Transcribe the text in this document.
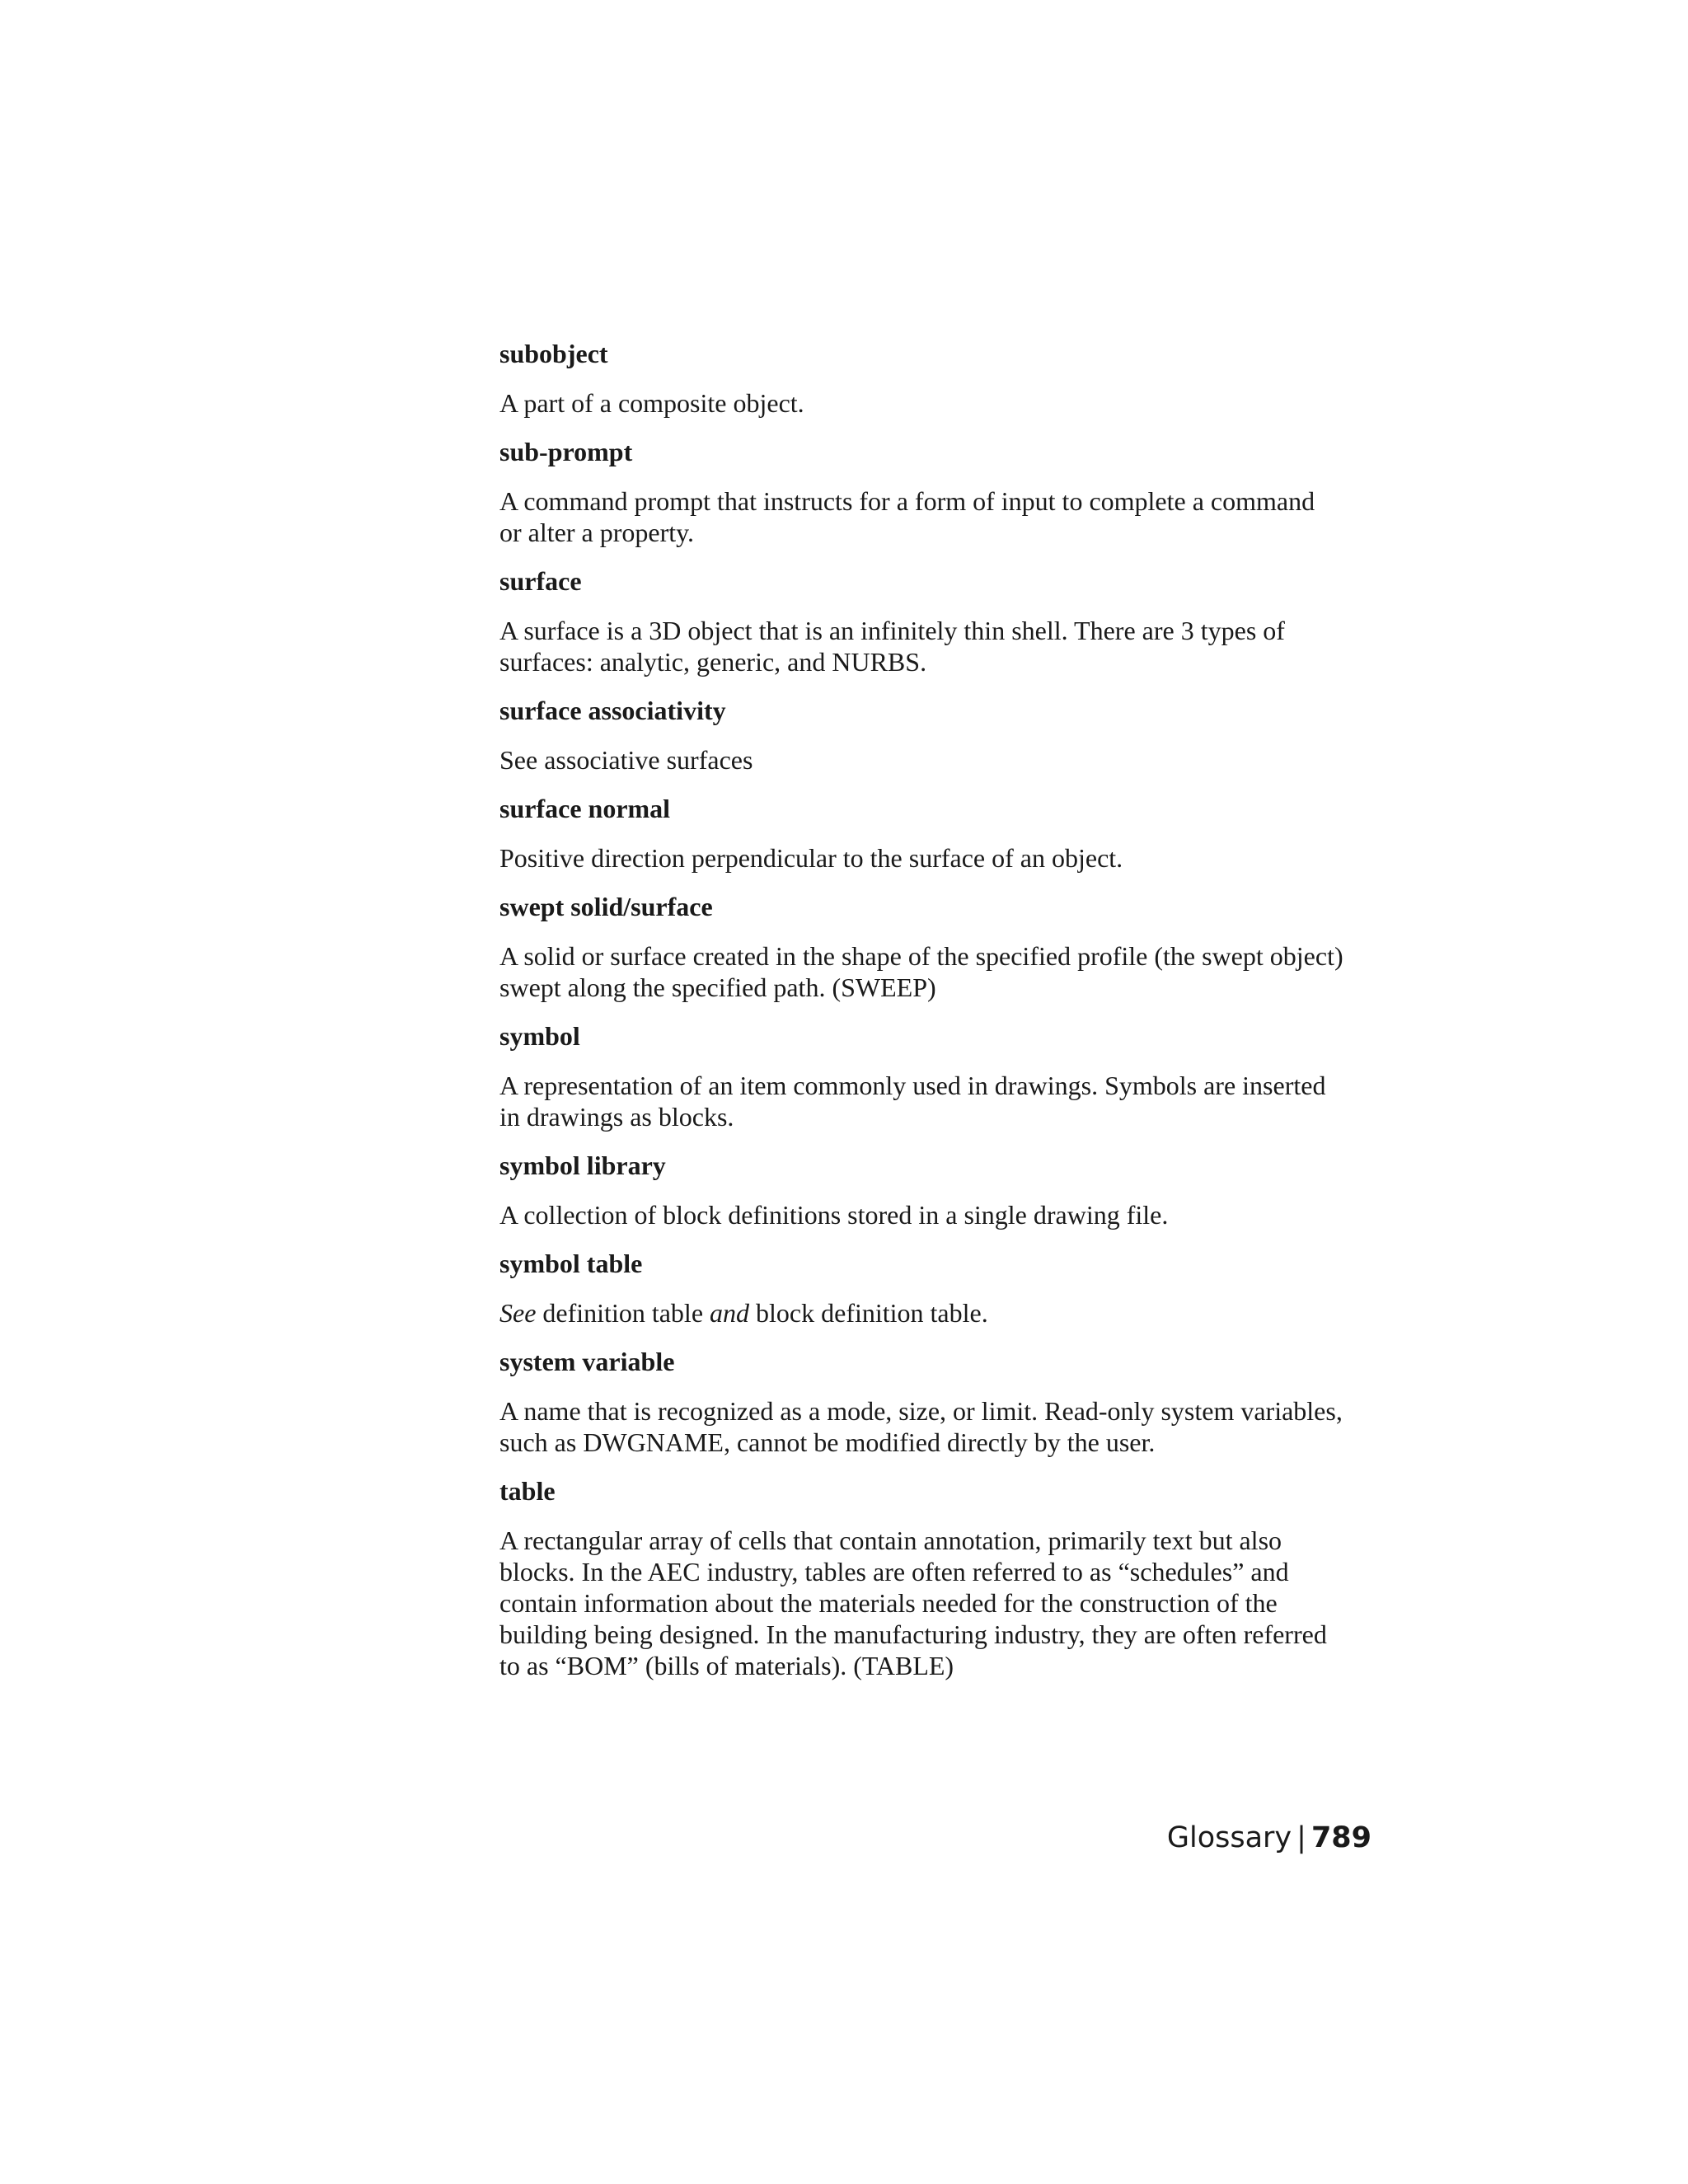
subobject

A part of a composite object.

sub-prompt

A command prompt that instructs for a form of input to complete a command
or alter a property.

surface

A surface is a 3D object that is an infinitely thin shell. There are 3 types of
surfaces: analytic, generic, and NURBS.

surface associativity

See associative surfaces

surface normal

Positive direction perpendicular to the surface of an object.

swept solid/surface

A solid or surface created in the shape of the specified profile (the swept object)
swept along the specified path. (SWEEP)

symbol

A representation of an item commonly used in drawings. Symbols are inserted
in drawings as blocks.

symbol library

A collection of block definitions stored in a single drawing file.

symbol table

See definition table and block definition table.

system variable

A name that is recognized as a mode, size, or limit. Read-only system variables,
such as DWGNAME, cannot be modified directly by the user.

table

A rectangular array of cells that contain annotation, primarily text but also
blocks. In the AEC industry, tables are often referred to as “schedules” and
contain information about the materials needed for the construction of the
building being designed. In the manufacturing industry, they are often referred
to as “BOM” (bills of materials). (TABLE)

Glossary | 789
